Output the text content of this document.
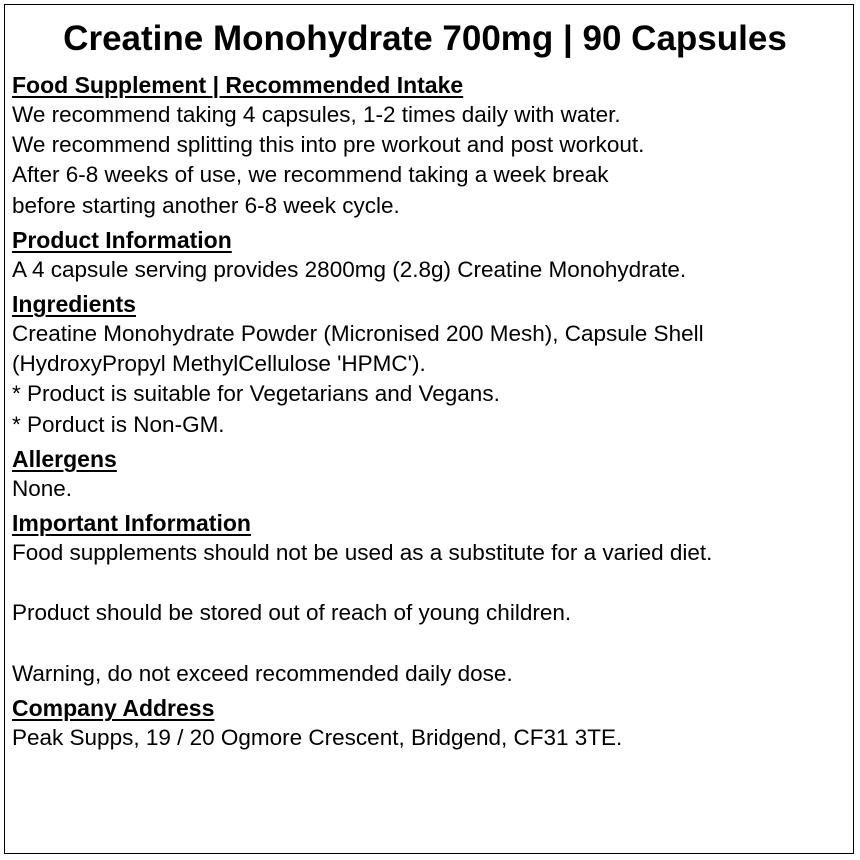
Creatine Monohydrate 700mg | 90 Capsules
Food Supplement | Recommended Intake
We recommend taking 4 capsules, 1-2 times daily with water.
We recommend splitting this into pre workout and post workout.
After 6-8 weeks of use, we recommend taking a week break
before starting another 6-8 week cycle.
Product Information
A 4 capsule serving provides 2800mg (2.8g) Creatine Monohydrate.
Ingredients
Creatine Monohydrate Powder (Micronised 200 Mesh), Capsule Shell
(HydroxyPropyl MethylCellulose 'HPMC').
* Product is suitable for Vegetarians and Vegans.
* Porduct is Non-GM.
Allergens
None.
Important Information
Food supplements should not be used as a substitute for a varied diet.
Product should be stored out of reach of young children.
Warning, do not exceed recommended daily dose.
Company Address
Peak Supps, 19 / 20 Ogmore Crescent, Bridgend, CF31 3TE.
